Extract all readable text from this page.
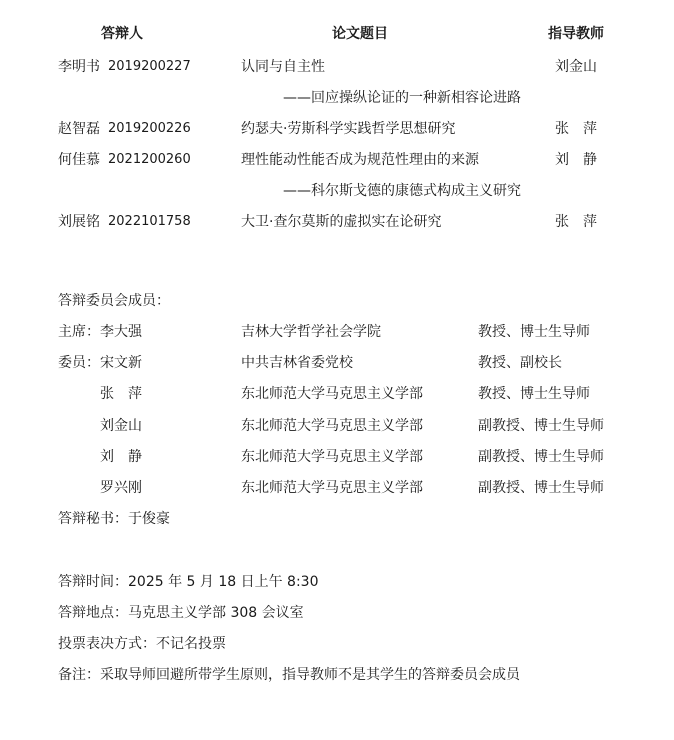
答辩人	论文题目	指导教师
李明书 2019200227	认同与自主性	刘金山
——回应操纵论证的一种新相容论进路
赵智磊 2019200226	约瑟夫·劳斯科学实践哲学思想研究	张　萍
何佳慕 2021200260	理性能动性能否成为规范性理由的来源	刘　静
——科尔斯戈德的康德式构成主义研究
刘展铭 2022101758	大卫·查尔莫斯的虚拟实在论研究	张　萍
答辩委员会成员：
主席： 李大强	吉林大学哲学社会学院	教授、博士生导师
委员： 宋文新	中共吉林省委党校	教授、副校长
张　萍	东北师范大学马克思主义学部	教授、博士生导师
刘金山	东北师范大学马克思主义学部	副教授、博士生导师
刘　静	东北师范大学马克思主义学部	副教授、博士生导师
罗兴刚	东北师范大学马克思主义学部	副教授、博士生导师
答辩秘书：于俊豪
答辩时间：2025 年 5 月 18 日上午 8:30
答辩地点：马克思主义学部 308 会议室
投票表决方式：不记名投票
备注：采取导师回避所带学生原则，指导教师不是其学生的答辩委员会成员
